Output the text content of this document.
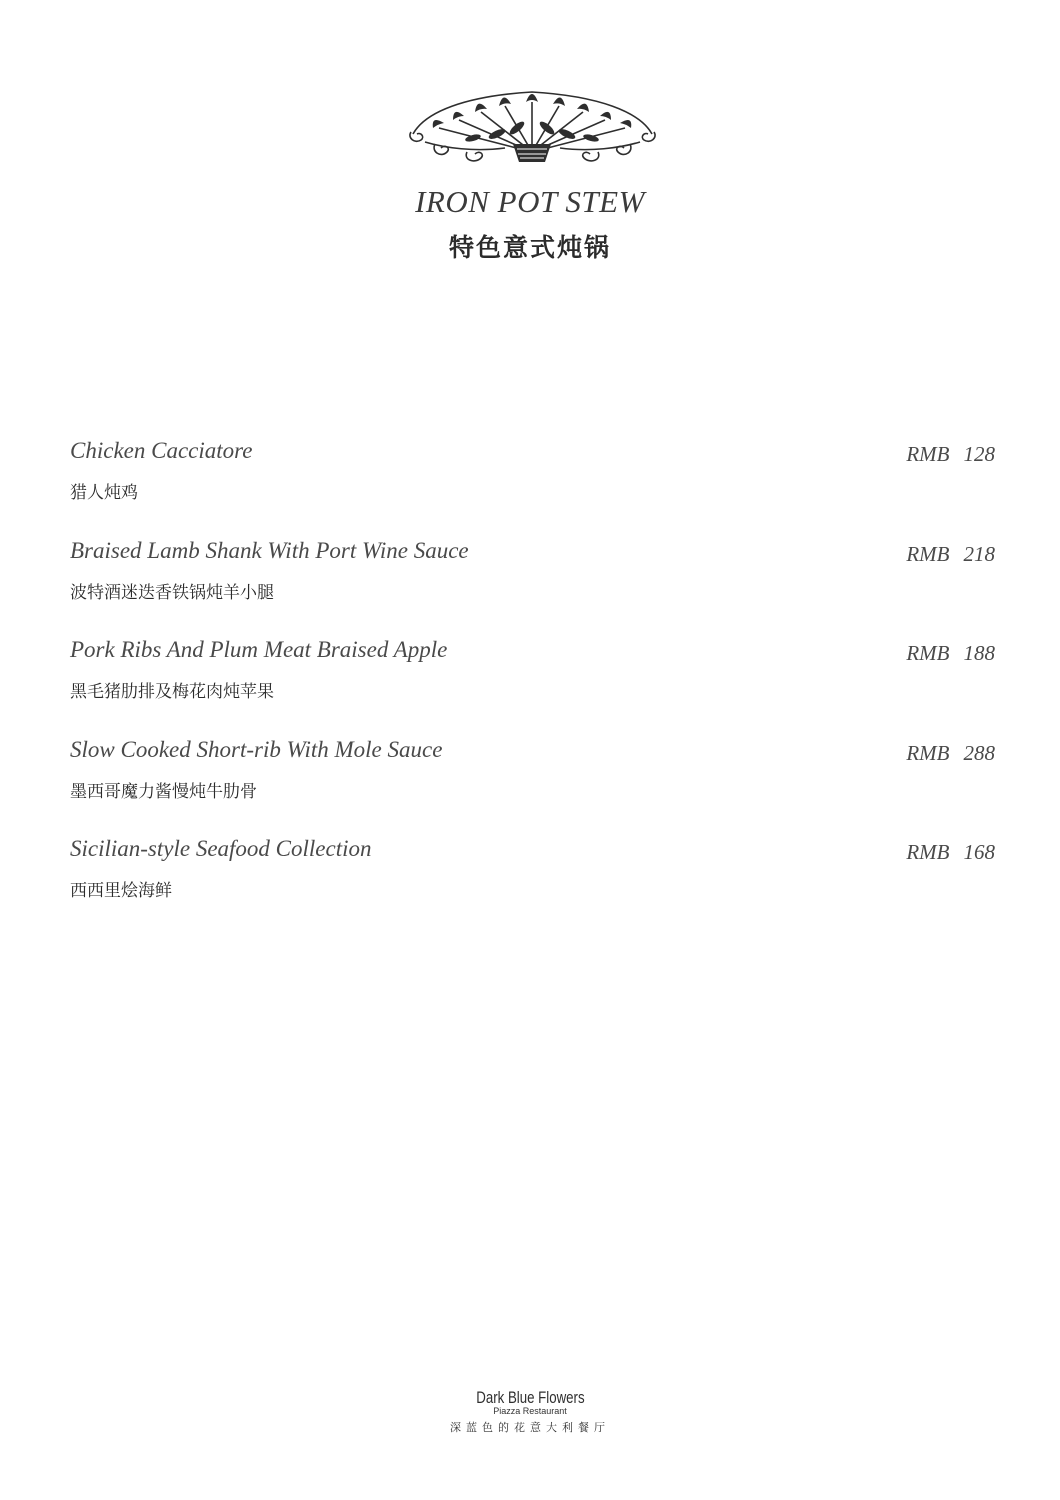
IRON POT STEW
特色意式炖锅
Chicken Cacciatore
猎人炖鸡
RMB 128
Braised Lamb Shank With Port Wine Sauce
波特酒迷迭香铁锅炖羊小腿
RMB 218
Pork Ribs And Plum Meat Braised Apple
黑毛猪肋排及梅花肉炖苹果
RMB 188
Slow Cooked Short-rib With Mole Sauce
墨西哥魔力酱慢炖牛肋骨
RMB 288
Sicilian-style Seafood Collection
西西里烩海鲜
RMB 168
Dark Blue Flowers
Piazza Restaurant
深蓝色的花意大利餐厅
